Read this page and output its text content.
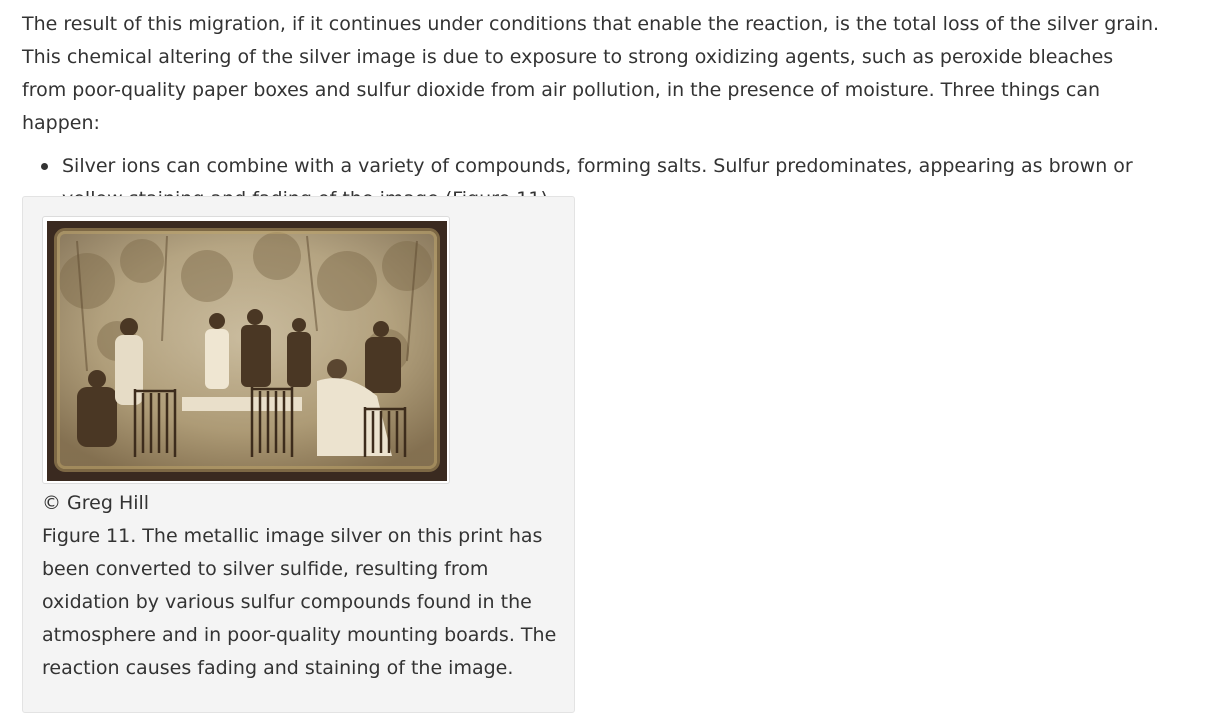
The result of this migration, if it continues under conditions that enable the reaction, is the total loss of the silver grain. This chemical altering of the silver image is due to exposure to strong oxidizing agents, such as peroxide bleaches from poor-quality paper boxes and sulfur dioxide from air pollution, in the presence of moisture. Three things can happen:

Silver ions can combine with a variety of compounds, forming salts. Sulfur predominates, appearing as brown or
© Greg Hill

Figure 11. The metallic image silver on this print has been converted to silver sulfide, resulting from oxidation by various sulfur compounds found in the atmosphere and in poor-quality mounting boards. The reaction causes fading and staining of the image.
